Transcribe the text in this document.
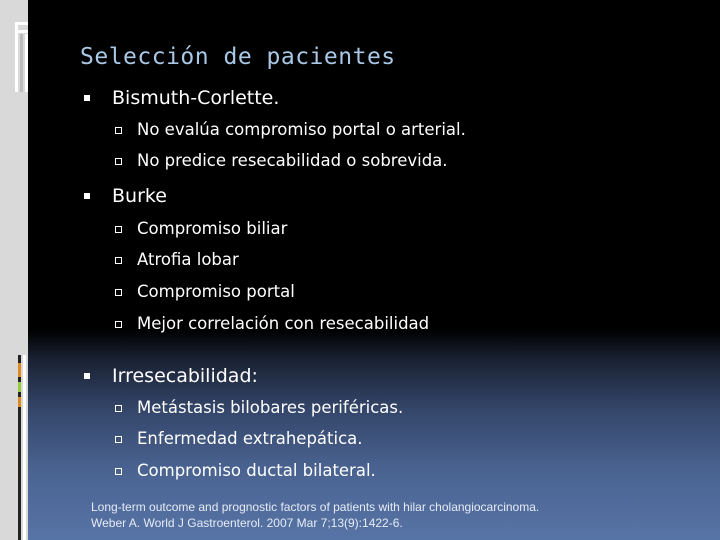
Selección de pacientes
Bismuth-Corlette.
No evalúa compromiso portal o arterial.
No predice resecabilidad o sobrevida.
Burke
Compromiso biliar
Atrofia lobar
Compromiso portal
Mejor correlación con resecabilidad
Irresecabilidad:
Metástasis bilobares periféricas.
Enfermedad extrahepática.
Compromiso ductal bilateral.
Long-term outcome and prognostic factors of patients with hilar cholangiocarcinoma.
Weber A. World J Gastroenterol. 2007 Mar 7;13(9):1422-6.
